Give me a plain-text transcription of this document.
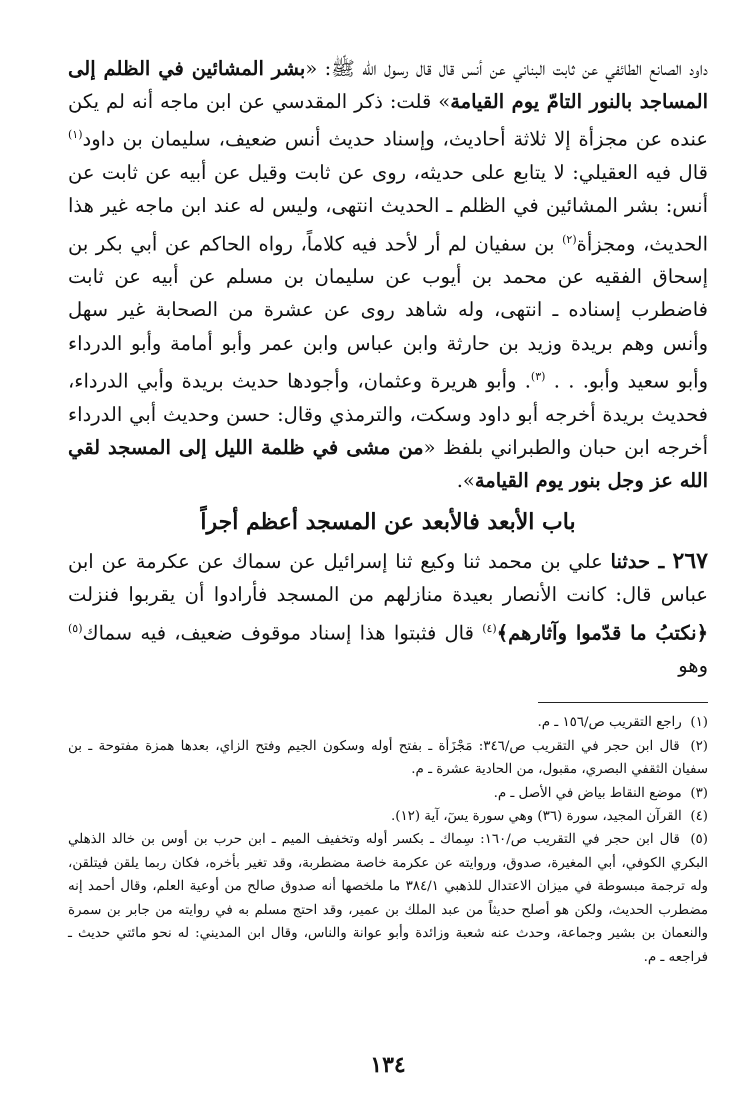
داود الصانع الطائفي عن ثابت البناني عن أنس قال قال رسول الله ﷺ: «بشر المشائين في الظلم إلى المساجد بالنور التامّ يوم القيامة» قلت: ذكر المقدسي عن ابن ماجه أنه لم يكن عنده عن مجزأة إلا ثلاثة أحاديث، وإسناد حديث أنس ضعيف، سليمان بن داود$^{(١)}$ قال فيه العقيلي: لا يتابع على حديثه، روى عن ثابت وقيل عن أبيه عن ثابت عن أنس: بشر المشائين في الظلم ـ الحديث انتهى، وليس له عند ابن ماجه غير هذا الحديث، ومجزأة$^{(٢)}$ بن سفيان لم أر لأحد فيه كلاماً، رواه الحاكم عن أبي بكر بن إسحاق الفقيه عن محمد بن أيوب عن سليمان بن مسلم عن أبيه عن ثابت فاضطرب إسناده ـ انتهى، وله شاهد روى عن عشرة من الصحابة غير سهل وأنس وهم بريدة وزيد بن حارثة وابن عباس وابن عمر وأبو أمامة وأبو الدرداء وأبو سعيد وأبو. . . $^{(٣)}$. وأبو هريرة وعثمان، وأجودها حديث بريدة وأبي الدرداء، فحديث بريدة أخرجه أبو داود وسكت، والترمذي وقال: حسن وحديث أبي الدرداء أخرجه ابن حبان والطبراني بلفظ «من مشى في ظلمة الليل إلى المسجد لقي الله عز وجل بنور يوم القيامة».

باب الأبعد فالأبعد عن المسجد أعظم أجراً

٢٦٧ ـ حدثنا علي بن محمد ثنا وكيع ثنا إسرائيل عن سماك عن عكرمة عن ابن عباس قال: كانت الأنصار بعيدة منازلهم من المسجد فأرادوا أن يقربوا فنزلت ﴿نكتبُ ما قدّموا وآثارهم﴾$^{(٤)}$ قال فثبتوا هذا إسناد موقوف ضعيف، فيه سماك$^{(٥)}$ وهو

(١) راجع التقريب ص/١٥٦ ـ م.
(٢) قال ابن حجر في التقريب ص/٣٤٦: مَجْزَأة ـ بفتح أوله وسكون الجيم وفتح الزاي، بعدها همزة مفتوحة ـ بن سفيان الثقفي البصري، مقبول، من الحادية عشرة ـ م.
(٣) موضع النقاط بياض في الأصل ـ م.
(٤) القرآن المجيد، سورة (٣٦) وهي سورة يسٓ، آية (١٢).
(٥) قال ابن حجر في التقريب ص/١٦٠: سِماك ـ بكسر أوله وتخفيف الميم ـ ابن حرب بن أوس بن خالد الذهلي البكري الكوفي، أبي المغيرة، صدوق، وروايته عن عكرمة خاصة مضطربة، وقد تغير بأخره، فكان ربما يلقن فيتلقن، وله ترجمة مبسوطة في ميزان الاعتدال للذهبي ٣٨٤/١ ما ملخصها أنه صدوق صالح من أوعية العلم، وقال أحمد إنه مضطرب الحديث، ولكن هو أصلح حديثاً من عبد الملك بن عمير، وقد احتج مسلم به في روايته من جابر بن سمرة والنعمان بن بشير وجماعة، وحدث عنه شعبة وزائدة وأبو عوانة والناس، وقال ابن المديني: له نحو مائتي حديث ـ فراجعه ـ م.
١٣٤
